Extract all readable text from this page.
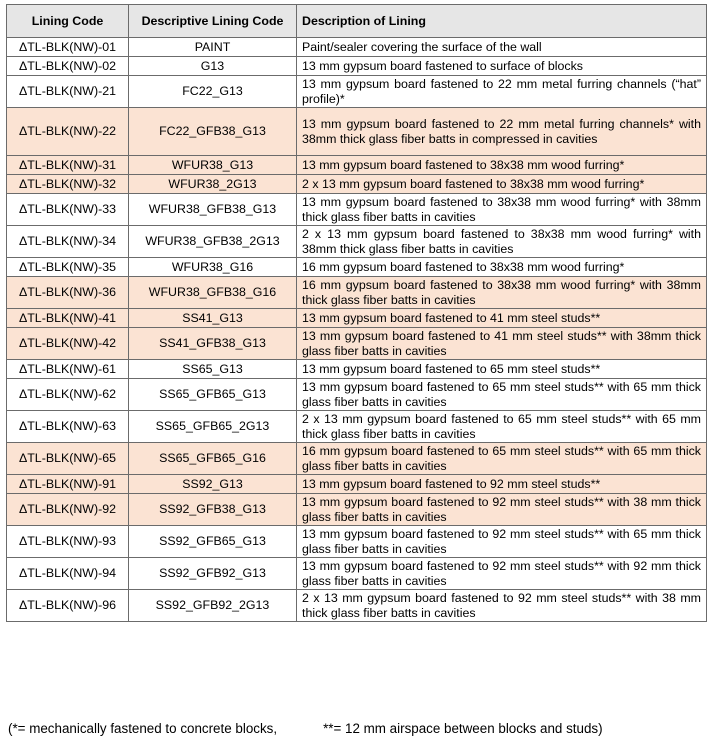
Lining Code	Descriptive Lining Code	Description of Lining
ΔTL-BLK(NW)-01	PAINT	Paint/sealer covering the surface of the wall
ΔTL-BLK(NW)-02	G13	13 mm gypsum board fastened to surface of blocks
ΔTL-BLK(NW)-21	FC22_G13	13 mm gypsum board fastened to 22 mm metal furring channels (“hat” profile)*
ΔTL-BLK(NW)-22	FC22_GFB38_G13	13 mm gypsum board fastened to 22 mm metal furring channels* with 38mm thick glass fiber batts in compressed in cavities
ΔTL-BLK(NW)-31	WFUR38_G13	13 mm gypsum board fastened to 38x38 mm wood furring*
ΔTL-BLK(NW)-32	WFUR38_2G13	2 x 13 mm gypsum board fastened to 38x38 mm wood furring*
ΔTL-BLK(NW)-33	WFUR38_GFB38_G13	13 mm gypsum board fastened to 38x38 mm wood furring* with 38mm thick glass fiber batts in cavities
ΔTL-BLK(NW)-34	WFUR38_GFB38_2G13	2 x 13 mm gypsum board fastened to 38x38 mm wood furring* with 38mm thick glass fiber batts in cavities
ΔTL-BLK(NW)-35	WFUR38_G16	16 mm gypsum board fastened to 38x38 mm wood furring*
ΔTL-BLK(NW)-36	WFUR38_GFB38_G16	16 mm gypsum board fastened to 38x38 mm wood furring* with 38mm thick glass fiber batts in cavities
ΔTL-BLK(NW)-41	SS41_G13	13 mm gypsum board fastened to 41 mm steel studs**
ΔTL-BLK(NW)-42	SS41_GFB38_G13	13 mm gypsum board fastened to 41 mm steel studs** with 38mm thick glass fiber batts in cavities
ΔTL-BLK(NW)-61	SS65_G13	13 mm gypsum board fastened to 65 mm steel studs**
ΔTL-BLK(NW)-62	SS65_GFB65_G13	13 mm gypsum board fastened to 65 mm steel studs** with 65 mm thick glass fiber batts in cavities
ΔTL-BLK(NW)-63	SS65_GFB65_2G13	2 x 13 mm gypsum board fastened to 65 mm steel studs** with 65 mm thick glass fiber batts in cavities
ΔTL-BLK(NW)-65	SS65_GFB65_G16	16 mm gypsum board fastened to 65 mm steel studs** with 65 mm thick glass fiber batts in cavities
ΔTL-BLK(NW)-91	SS92_G13	13 mm gypsum board fastened to 92 mm steel studs**
ΔTL-BLK(NW)-92	SS92_GFB38_G13	13 mm gypsum board fastened to 92 mm steel studs** with 38 mm thick glass fiber batts in cavities
ΔTL-BLK(NW)-93	SS92_GFB65_G13	13 mm gypsum board fastened to 92 mm steel studs** with 65 mm thick glass fiber batts in cavities
ΔTL-BLK(NW)-94	SS92_GFB92_G13	13 mm gypsum board fastened to 92 mm steel studs** with 92 mm thick glass fiber batts in cavities
ΔTL-BLK(NW)-96	SS92_GFB92_2G13	2 x 13 mm gypsum board fastened to 92 mm steel studs** with 38 mm thick glass fiber batts in cavities
(*= mechanically fastened to concrete blocks,	**= 12 mm airspace between blocks and studs)
